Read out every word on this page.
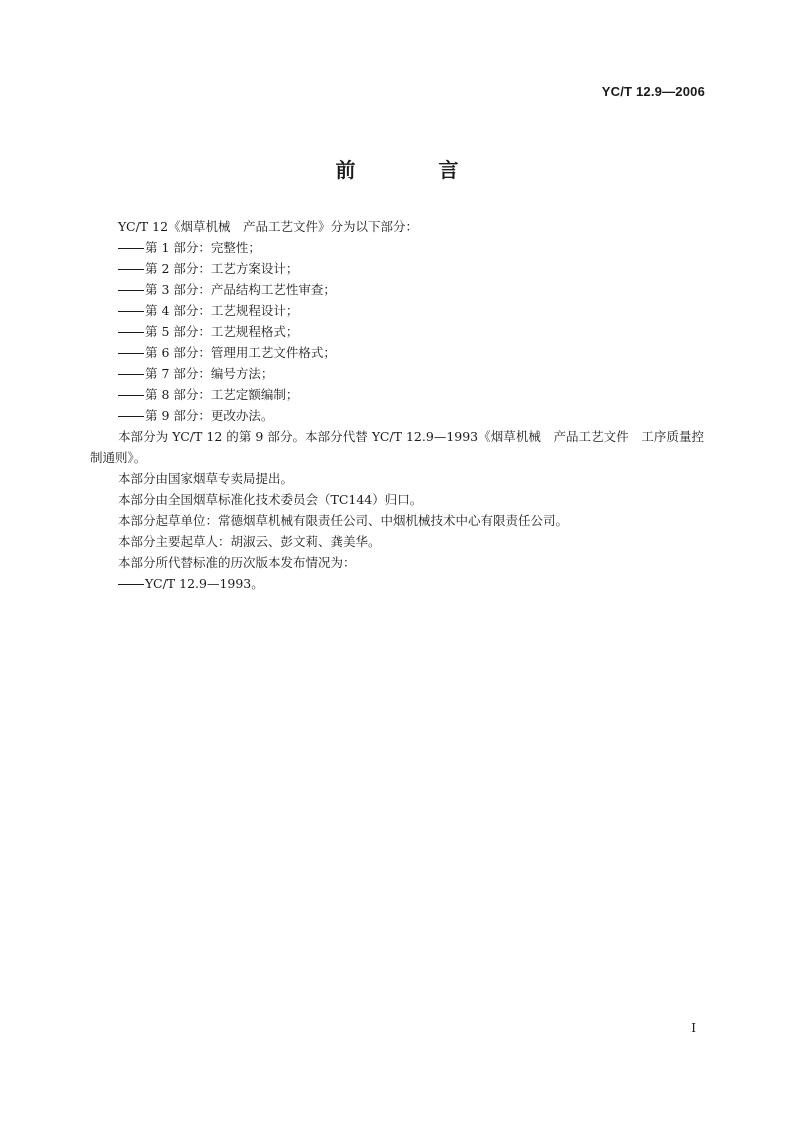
YC/T 12.9—2006
前 言

YC/T 12《烟草机械　产品工艺文件》分为以下部分：

第 1 部分：完整性；

第 2 部分：工艺方案设计；

第 3 部分：产品结构工艺性审查；

第 4 部分：工艺规程设计；

第 5 部分：工艺规程格式；

第 6 部分：管理用工艺文件格式；

第 7 部分：编号方法；

第 8 部分：工艺定额编制；

第 9 部分：更改办法。

本部分为 YC/T 12 的第 9 部分。本部分代替 YC/T 12.9—1993《烟草机械　产品工艺文件　工序质量控制通则》。

本部分由国家烟草专卖局提出。

本部分由全国烟草标准化技术委员会（TC144）归口。

本部分起草单位：常德烟草机械有限责任公司、中烟机械技术中心有限责任公司。

本部分主要起草人：胡淑云、彭文莉、龚美华。

本部分所代替标准的历次版本发布情况为：

YC/T 12.9—1993。

I
